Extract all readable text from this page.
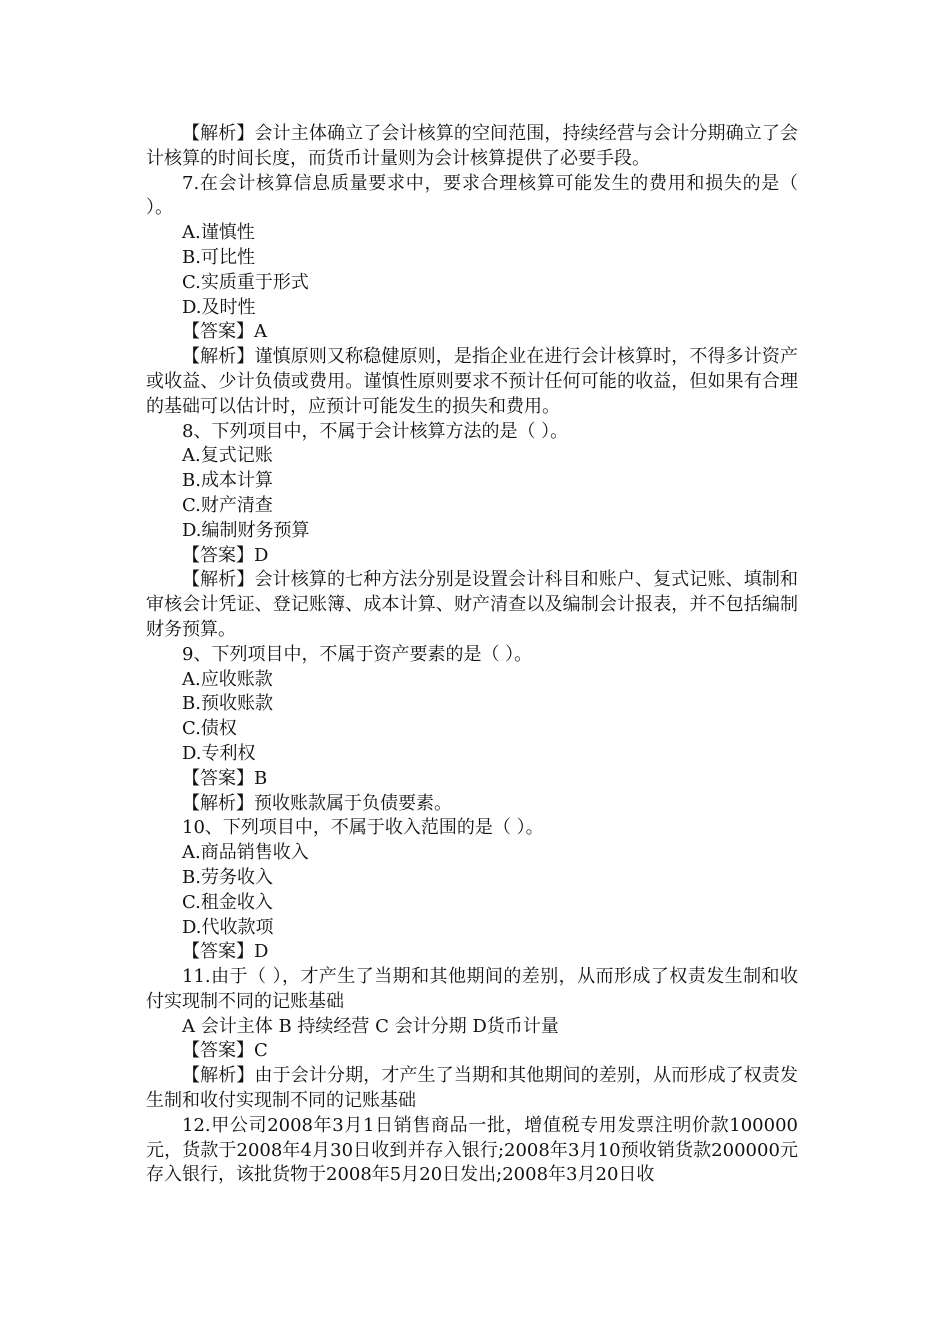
【解析】会计主体确立了会计核算的空间范围，持续经营与会计分期确立了会计核算的时间长度，而货币计量则为会计核算提供了必要手段。

7.在会计核算信息质量要求中，要求合理核算可能发生的费用和损失的是（ ）。

A.谨慎性

B.可比性

C.实质重于形式

D.及时性

【答案】A

【解析】谨慎原则又称稳健原则，是指企业在进行会计核算时，不得多计资产或收益、少计负债或费用。谨慎性原则要求不预计任何可能的收益，但如果有合理的基础可以估计时，应预计可能发生的损失和费用。

8、下列项目中，不属于会计核算方法的是（ ）。

A.复式记账

B.成本计算

C.财产清查

D.编制财务预算

【答案】D

【解析】会计核算的七种方法分别是设置会计科目和账户、复式记账、填制和审核会计凭证、登记账簿、成本计算、财产清查以及编制会计报表，并不包括编制财务预算。

9、下列项目中，不属于资产要素的是（ ）。

A.应收账款

B.预收账款

C.债权

D.专利权

【答案】B

【解析】预收账款属于负债要素。

10、下列项目中，不属于收入范围的是（ ）。

A.商品销售收入

B.劳务收入

C.租金收入

D.代收款项

【答案】D

11.由于（ ），才产生了当期和其他期间的差别，从而形成了权责发生制和收付实现制不同的记账基础

A 会计主体 B 持续经营 C 会计分期 D货币计量

【答案】C

【解析】由于会计分期，才产生了当期和其他期间的差别，从而形成了权责发生制和收付实现制不同的记账基础

12.甲公司2008年3月1日销售商品一批，增值税专用发票注明价款100000元，货款于2008年4月30日收到并存入银行;2008年3月10预收销货款200000元存入银行，该批货物于2008年5月20日发出;2008年3月20日收
